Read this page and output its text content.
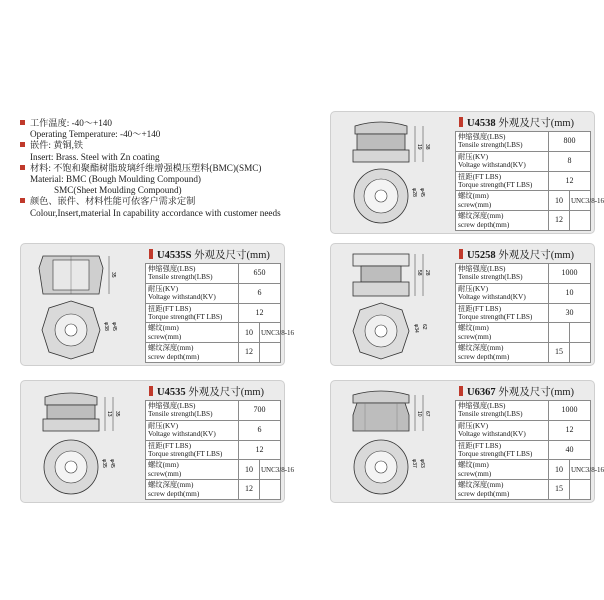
工作温度: -40～+140
Operating Temperature: -40～+140
嵌件: 黄铜,铁
Insert: Brass. Steel with Zn coating
材料: 不饱和聚酯树脂玻璃纤维增强模压塑料(BMC)(SMC)
Material: BMC (Bough Moulding Compound)
SMC(Sheet Moulding Compound)
颜色、嵌件、材料性能可依客户需求定制
Colour,Insert,material In capability accordance with customer needs
19 38
φ28 φ45
U4538 外观及尺寸(mm)
伸缩强度(LBS)
Tensile strength(LBS)	800	
耐压(KV)
Voltage withstand(KV)	8	
扭距(FT LBS)
Torque strength(FT LBS)	12	
螺纹(mm)
screw(mm)	10	UNC3/8-16
螺纹深度(mm)
screw depth(mm)	12	
35
φ38 φ45
U4535S 外观及尺寸(mm)
伸缩强度(LBS)
Tensile strength(LBS)	650	
耐压(KV)
Voltage withstand(KV)	6	
扭距(FT LBS)
Torque strength(FT LBS)	12	
螺纹(mm)
screw(mm)	10	UNC3/8-16
螺纹深度(mm)
screw depth(mm)	12	
58 28
φ34 62
U5258 外观及尺寸(mm)
伸缩强度(LBS)
Tensile strength(LBS)	1000	
耐压(KV)
Voltage withstand(KV)	10	
扭距(FT LBS)
Torque strength(FT LBS)	30	
螺纹(mm)
screw(mm)		
螺纹深度(mm)
screw depth(mm)	15	
13 35
φ35 φ45
U4535 外观及尺寸(mm)
伸缩强度(LBS)
Tensile strength(LBS)	700	
耐压(KV)
Voltage withstand(KV)	6	
扭距(FT LBS)
Torque strength(FT LBS)	12	
螺纹(mm)
screw(mm)	10	UNC3/8-16
螺纹深度(mm)
screw depth(mm)	12	
10 67
φ37 φ63
U6367 外观及尺寸(mm)
伸缩强度(LBS)
Tensile strength(LBS)	1000	
耐压(KV)
Voltage withstand(KV)	12	
扭距(FT LBS)
Torque strength(FT LBS)	40	
螺纹(mm)
screw(mm)	10	UNC3/8-16
螺纹深度(mm)
screw depth(mm)	15	
